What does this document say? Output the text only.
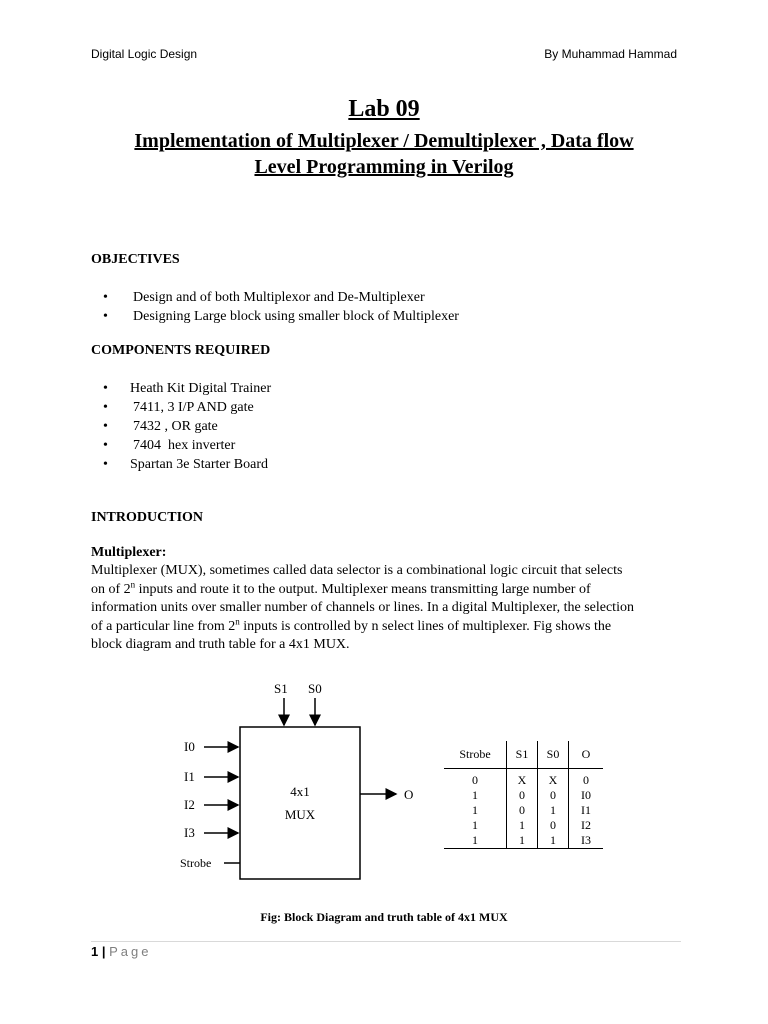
Digital Logic Design	By Muhammad Hammad
Lab 09
Implementation of Multiplexer / Demultiplexer , Data flow
Level Programming in Verilog
OBJECTIVES
• Design and of both Multiplexor and De-Multiplexer
• Designing Large block using smaller block of Multiplexer
COMPONENTS REQUIRED
• Heath Kit Digital Trainer
• 7411, 3 I/P AND gate
• 7432 , OR gate
• 7404  hex inverter
• Spartan 3e Starter Board
INTRODUCTION
Multiplexer:
Multiplexer (MUX), sometimes called data selector is a combinational logic circuit that selects
on of 2$^n$ inputs and route it to the output. Multiplexer means transmitting large number of
information units over smaller number of channels or lines. In a digital Multiplexer, the selection
of a particular line from 2$^n$ inputs is controlled by n select lines of multiplexer. Fig shows the
block diagram and truth table for a 4x1 MUX.
S1 S0
4x1
MUX
I0
I1
I2
I3
Strobe
O
Strobe	S1	S0	O
0	X	X	0
1	0	0	I0
1	0	1	I1
1	1	0	I2
1	1	1	I3
Fig: Block Diagram and truth table of 4x1 MUX
1 | Page
